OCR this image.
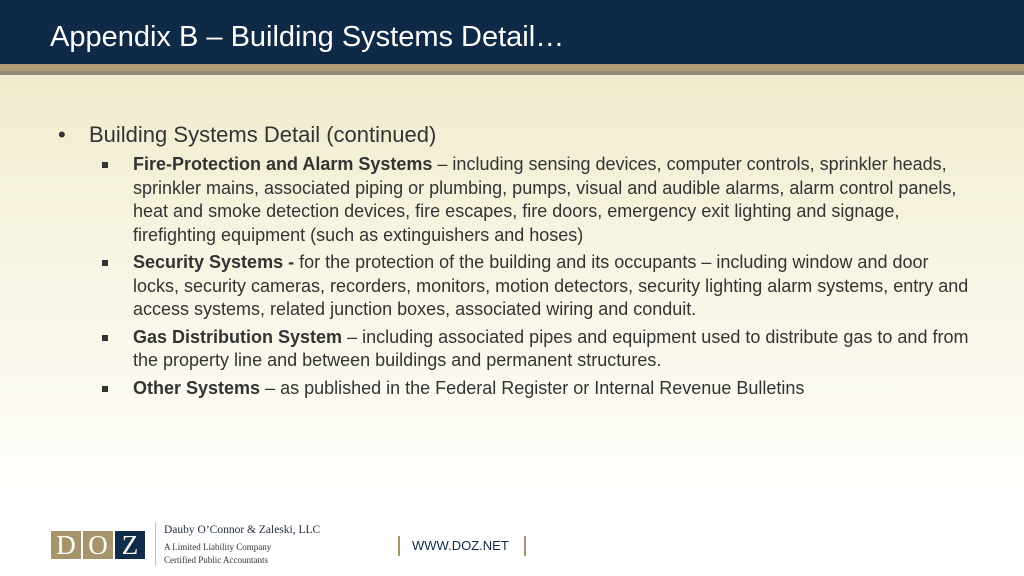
Appendix B – Building Systems Detail…
• Building Systems Detail (continued)
Fire-Protection and Alarm Systems – including sensing devices, computer controls, sprinkler heads, sprinkler mains, associated piping or plumbing, pumps, visual and audible alarms, alarm control panels, heat and smoke detection devices, fire escapes, fire doors, emergency exit lighting and signage, firefighting equipment (such as extinguishers and hoses)
Security Systems - for the protection of the building and its occupants – including window and door locks, security cameras, recorders, monitors, motion detectors, security lighting alarm systems, entry and access systems, related junction boxes, associated wiring and conduit.
Gas Distribution System – including associated pipes and equipment used to distribute gas to and from the property line and between buildings and permanent structures.
Other Systems – as published in the Federal Register or Internal Revenue Bulletins
D O Z	Dauby O’Connor & Zaleski, LLC
A Limited Liability Company
Certified Public Accountants
WWW.DOZ.NET
